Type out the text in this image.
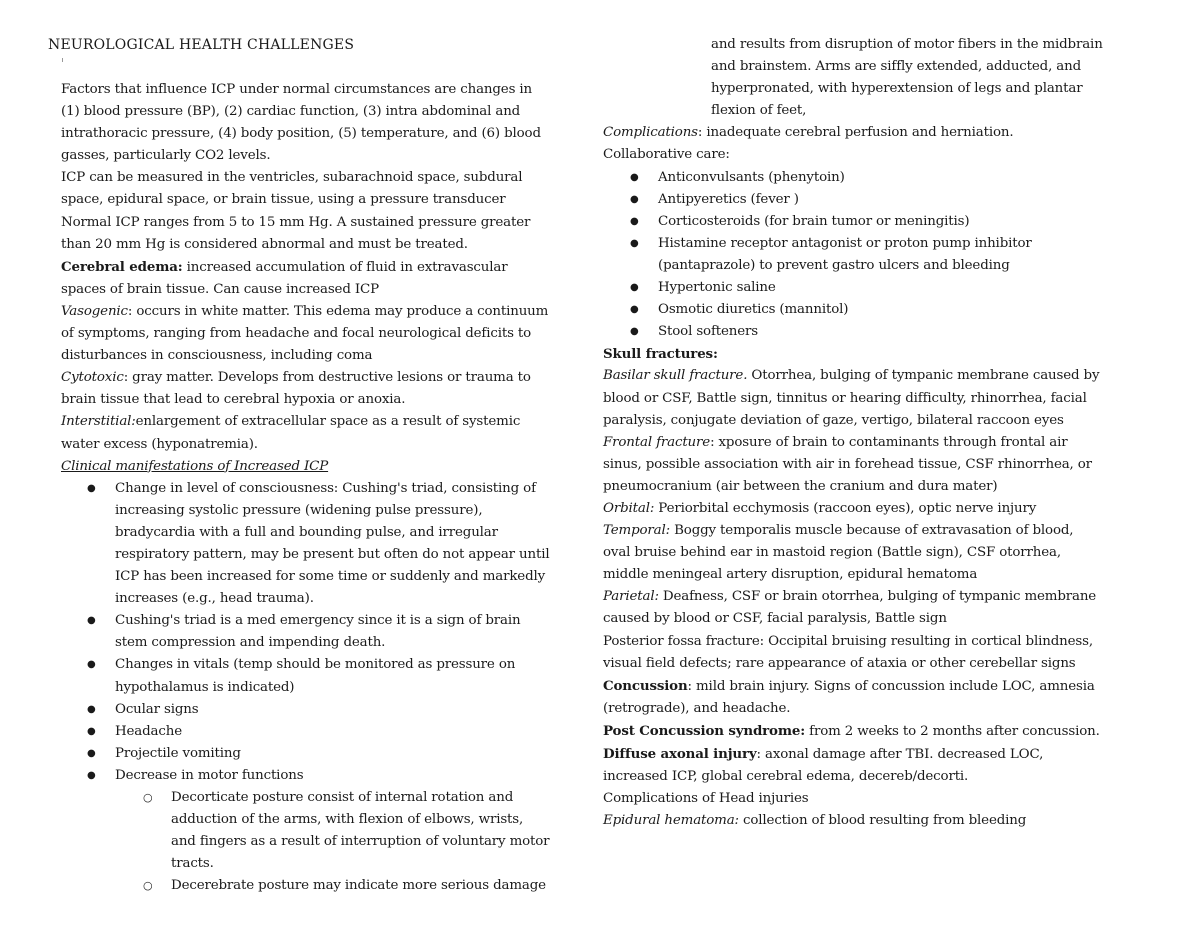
NEUROLOGICAL HEALTH CHALLENGES

Factors that influence ICP under normal circumstances are changes in (1) blood pressure (BP), (2) cardiac function, (3) intra abdominal and intrathoracic pressure, (4) body position, (5) temperature, and (6) blood gasses, particularly CO2 levels.

ICP can be measured in the ventricles, subarachnoid space, subdural space, epidural space, or brain tissue, using a pressure transducer

Normal ICP ranges from 5 to 15 mm Hg. A sustained pressure greater than 20 mm Hg is considered abnormal and must be treated.

Cerebral edema: increased accumulation of fluid in extravascular spaces of brain tissue. Can cause increased ICP

Vasogenic: occurs in white matter. This edema may produce a continuum of symptoms, ranging from headache and focal neurological deficits to disturbances in consciousness, including coma

Cytotoxic: gray matter. Develops from destructive lesions or trauma to brain tissue that lead to cerebral hypoxia or anoxia.

Interstitial:enlargement of extracellular space as a result of systemic water excess (hyponatremia).

Clinical manifestations of Increased ICP

● Change in level of consciousness: Cushing's triad, consisting of increasing systolic pressure (widening pulse pressure), bradycardia with a full and bounding pulse, and irregular respiratory pattern, may be present but often do not appear until ICP has been increased for some time or suddenly and markedly increases (e.g., head trauma).
● Cushing's triad is a med emergency since it is a sign of brain stem compression and impending death.
● Changes in vitals (temp should be monitored as pressure on hypothalamus is indicated)
● Ocular signs
● Headache
● Projectile vomiting
● Decrease in motor functions
○ Decorticate posture consist of internal rotation and adduction of the arms, with flexion of elbows, wrists, and fingers as a result of interruption of voluntary motor tracts.
○ Decerebrate posture may indicate more serious damage

and results from disruption of motor fibers in the midbrain and brainstem. Arms are siffly extended, adducted, and hyperpronated, with hyperextension of legs and plantar flexion of feet,

Complications: inadequate cerebral perfusion and herniation.

Collaborative care:

● Anticonvulsants (phenytoin)
● Antipyeretics (fever )
● Corticosteroids (for brain tumor or meningitis)
● Histamine receptor antagonist or proton pump inhibitor (pantaprazole) to prevent gastro ulcers and bleeding
● Hypertonic saline
● Osmotic diuretics (mannitol)
● Stool softeners

Skull fractures:

Basilar skull fracture. Otorrhea, bulging of tympanic membrane caused by blood or CSF, Battle sign, tinnitus or hearing difficulty, rhinorrhea, facial paralysis, conjugate deviation of gaze, vertigo, bilateral raccoon eyes

Frontal fracture: xposure of brain to contaminants through frontal air sinus, possible association with air in forehead tissue, CSF rhinorrhea, or pneumocranium (air between the cranium and dura mater)

Orbital: Periorbital ecchymosis (raccoon eyes), optic nerve injury

Temporal: Boggy temporalis muscle because of extravasation of blood, oval bruise behind ear in mastoid region (Battle sign), CSF otorrhea, middle meningeal artery disruption, epidural hematoma

Parietal: Deafness, CSF or brain otorrhea, bulging of tympanic membrane caused by blood or CSF, facial paralysis, Battle sign

Posterior fossa fracture: Occipital bruising resulting in cortical blindness, visual field defects; rare appearance of ataxia or other cerebellar signs

Concussion: mild brain injury. Signs of concussion include LOC, amnesia (retrograde), and headache.

Post Concussion syndrome: from 2 weeks to 2 months after concussion.

Diffuse axonal injury: axonal damage after TBI. decreased LOC, increased ICP, global cerebral edema, decereb/decorti.

Complications of Head injuries

Epidural hematoma: collection of blood resulting from bleeding
